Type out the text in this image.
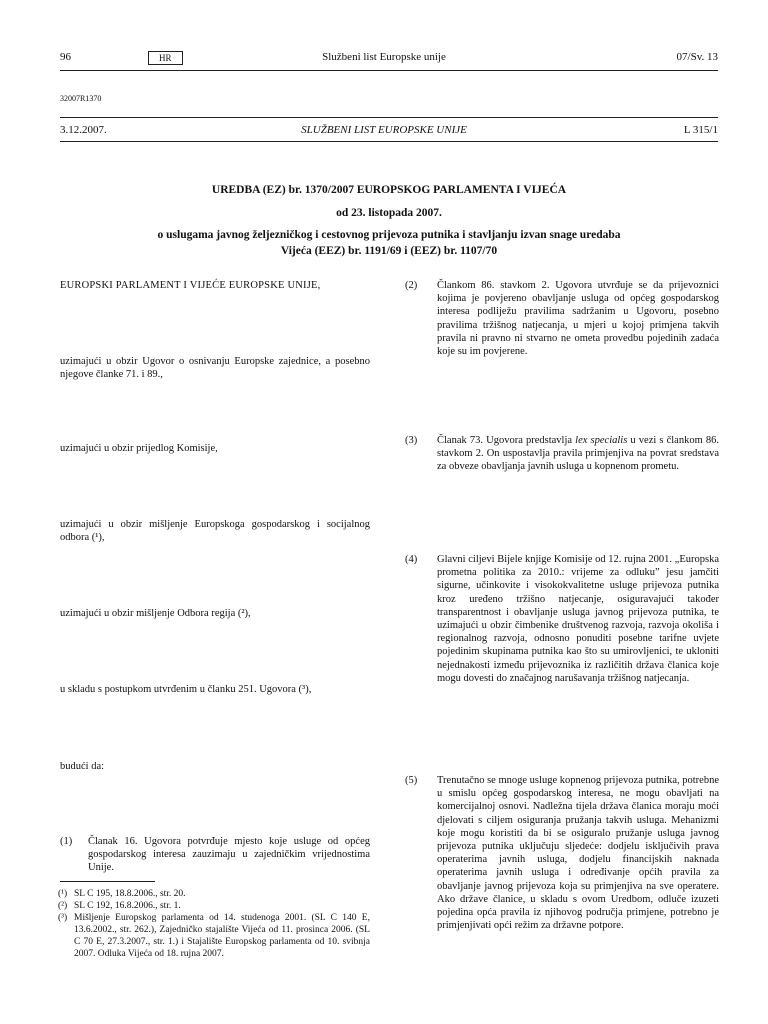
96	HR	Službeni list Europske unije	07/Sv. 13
32007R1370
3.12.2007.	SLUŽBENI LIST EUROPSKE UNIJE	L 315/1
UREDBA (EZ) br. 1370/2007 EUROPSKOG PARLAMENTA I VIJEĆA
od 23. listopada 2007.
o uslugama javnog željezničkog i cestovnog prijevoza putnika i stavljanju izvan snage uredaba
Vijeća (EEZ) br. 1191/69 i (EEZ) br. 1107/70
EUROPSKI PARLAMENT I VIJEĆE EUROPSKE UNIJE,
uzimajući u obzir Ugovor o osnivanju Europske zajednice, a posebno njegove članke 71. i 89.,
uzimajući u obzir prijedlog Komisije,
uzimajući u obzir mišljenje Europskoga gospodarskog i socijalnog odbora (¹),
uzimajući u obzir mišljenje Odbora regija (²),
u skladu s postupkom utvrđenim u članku 251. Ugovora (³),
budući da:
(1) Članak 16. Ugovora potvrđuje mjesto koje usluge od općeg gospodarskog interesa zauzimaju u zajedničkim vrijednostima Unije.
(¹) SL C 195, 18.8.2006., str. 20.
(²) SL C 192, 16.8.2006., str. 1.
(³) Mišljenje Europskog parlamenta od 14. studenoga 2001. (SL C 140 E, 13.6.2002., str. 262.), Zajedničko stajalište Vijeća od 11. prosinca 2006. (SL C 70 E, 27.3.2007., str. 1.) i Stajalište Europskog parlamenta od 10. svibnja 2007. Odluka Vijeća od 18. rujna 2007.
(2) Člankom 86. stavkom 2. Ugovora utvrđuje se da prijevoznici kojima je povjereno obavljanje usluga od općeg gospodarskog interesa podliježu pravilima sadržanim u Ugovoru, posebno pravilima tržišnog natjecanja, u mjeri u kojoj primjena takvih pravila ni pravno ni stvarno ne ometa provedbu pojedinih zadaća koje su im povjerene.
(3) Članak 73. Ugovora predstavlja lex specialis u vezi s člankom 86. stavkom 2. On uspostavlja pravila primjenjiva na povrat sredstava za obveze obavljanja javnih usluga u kopnenom prometu.
(4) Glavni ciljevi Bijele knjige Komisije od 12. rujna 2001. „Europska prometna politika za 2010.: vrijeme za odluku” jesu jamčiti sigurne, učinkovite i visokokvalitetne usluge prijevoza putnika kroz uređeno tržišno natjecanje, osiguravajući također transparentnost i obavljanje usluga javnog prijevoza putnika, te uzimajući u obzir čimbenike društvenog razvoja, razvoja okoliša i regionalnog razvoja, odnosno ponuditi posebne tarifne uvjete pojedinim skupinama putnika kao što su umirovljenici, te ukloniti nejednakosti između prijevoznika iz različitih država članica koje mogu dovesti do značajnog narušavanja tržišnog natjecanja.
(5) Trenutačno se mnoge usluge kopnenog prijevoza putnika, potrebne u smislu općeg gospodarskog interesa, ne mogu obavljati na komercijalnoj osnovi. Nadležna tijela država članica moraju moći djelovati s ciljem osiguranja pružanja takvih usluga. Mehanizmi koje mogu koristiti da bi se osiguralo pružanje usluga javnog prijevoza putnika uključuju sljedeće: dodjelu isključivih prava operaterima javnih usluga, dodjelu financijskih naknada operaterima javnih usluga i određivanje općih pravila za obavljanje javnog prijevoza koja su primjenjiva na sve operatere. Ako države članice, u skladu s ovom Uredbom, odluče izuzeti pojedina opća pravila iz njihovog područja primjene, potrebno je primjenjivati opći režim za državne potpore.
